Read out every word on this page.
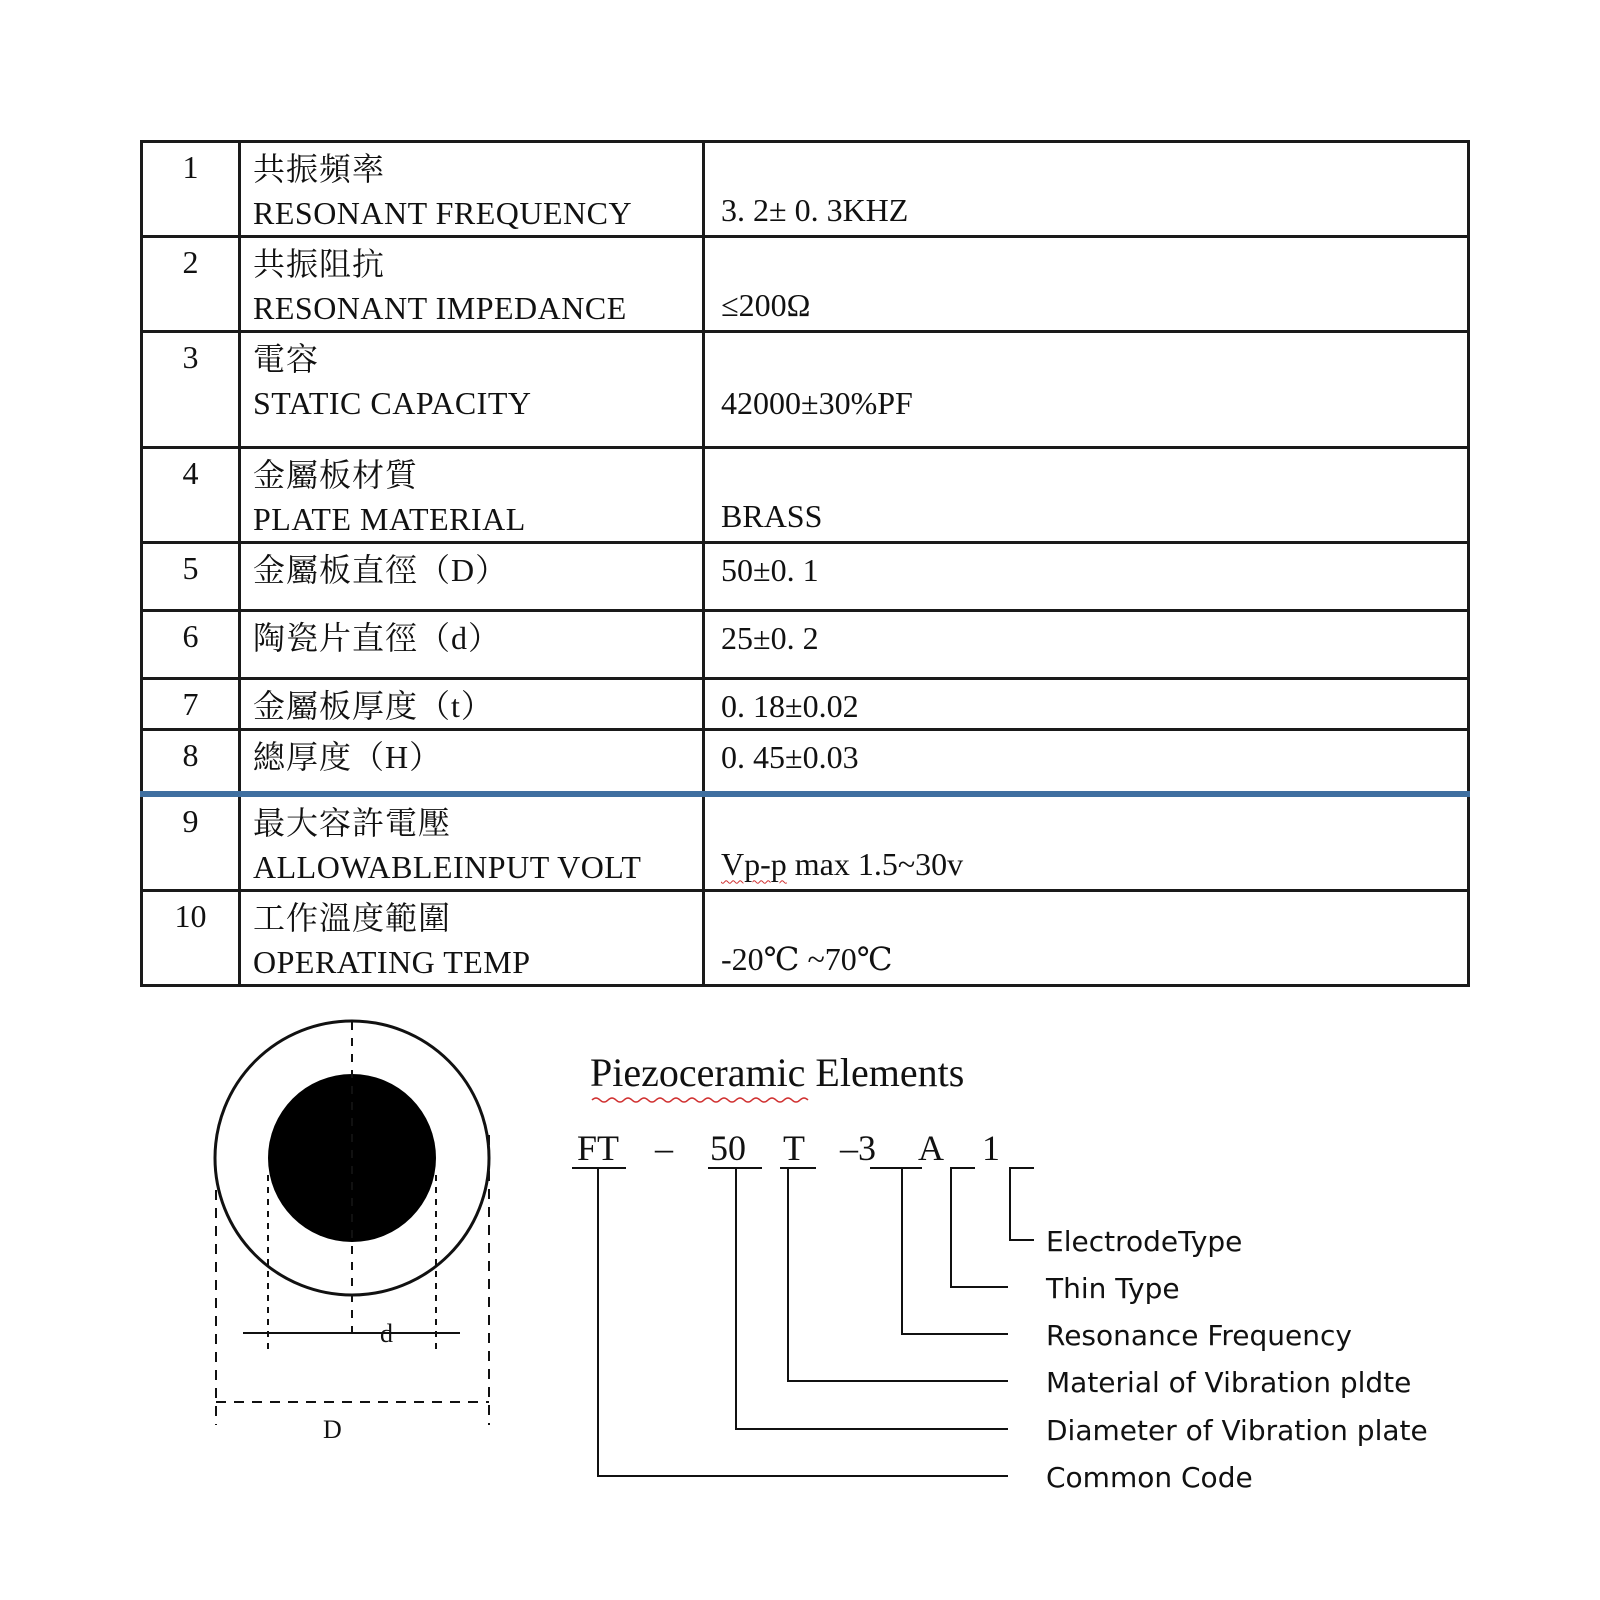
1	共振頻率
RESONANT FREQUENCY	3. 2± 0. 3KHZ

2	共振阻抗
RESONANT IMPEDANCE	≤200Ω

3	電容
STATIC CAPACITY	42000±30%PF

4	金屬板材質
PLATE MATERIAL	BRASS

5	金屬板直徑（D）	50±0. 1

6	陶瓷片直徑（d）	25±0. 2

7	金屬板厚度（t）	0. 18±0.02

8	總厚度（H）	0. 45±0.03

9	最大容許電壓
ALLOWABLEINPUT VOLT	Vp-p max 1.5~30v

10	工作溫度範圍
OPERATING TEMP	-20℃ ~70℃
d
D
Piezoceramic Elements
FT – 50 T –3 A 1
ElectrodeType
Thin Type
Resonance Frequency
Material of Vibration pldte
Diameter of Vibration plate
Common Code
